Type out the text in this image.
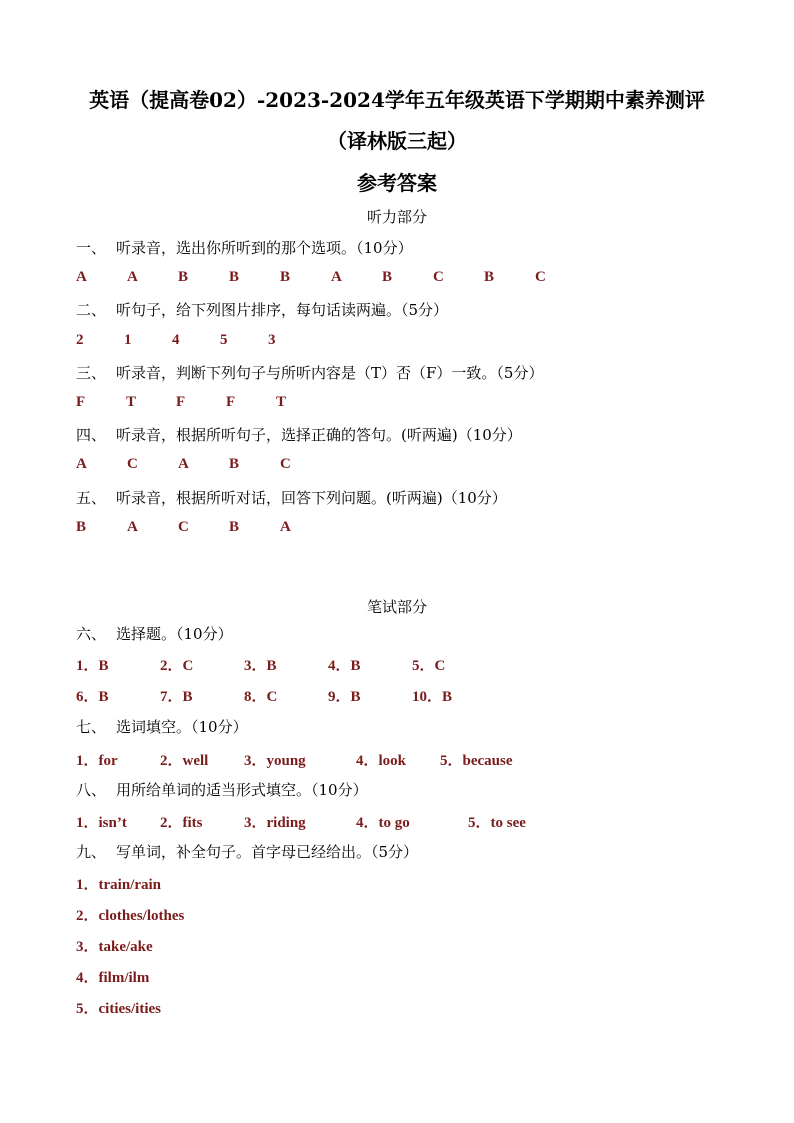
英语（提高卷02）-2023-2024学年五年级英语下学期期中素养测评
（译林版三起）
参考答案
听力部分
一、 听录音，选出你所听到的那个选项。（10分）
A	A	B	B	B	A	B	C	B	C
二、 听句子，给下列图片排序，每句话读两遍。（5分）
2	1	4	5	3
三、 听录音，判断下列句子与所听内容是（T）否（F）一致。（5分）
F	T	F	F	T
四、 听录音，根据所听句子，选择正确的答句。(听两遍)（10分）
A	C	A	B	C
五、 听录音，根据所听对话，回答下列问题。(听两遍)（10分）
B	A	C	B	A
笔试部分
六、 选择题。（10分）
1．B	2．C	3．B	4．B	5．C
6．B	7．B	8．C	9．B	10．B
七、 选词填空。（10分）
1．for	2．well 3．young	4．look 5．because
八、 用所给单词的适当形式填空。（10分）
1．isn’t 2．fits	3．riding	4．to go	5．to see
九、 写单词，补全句子。首字母已经给出。（5分）
1．train/rain
2．clothes/lothes
3．take/ake
4．film/ilm
5．cities/ities
